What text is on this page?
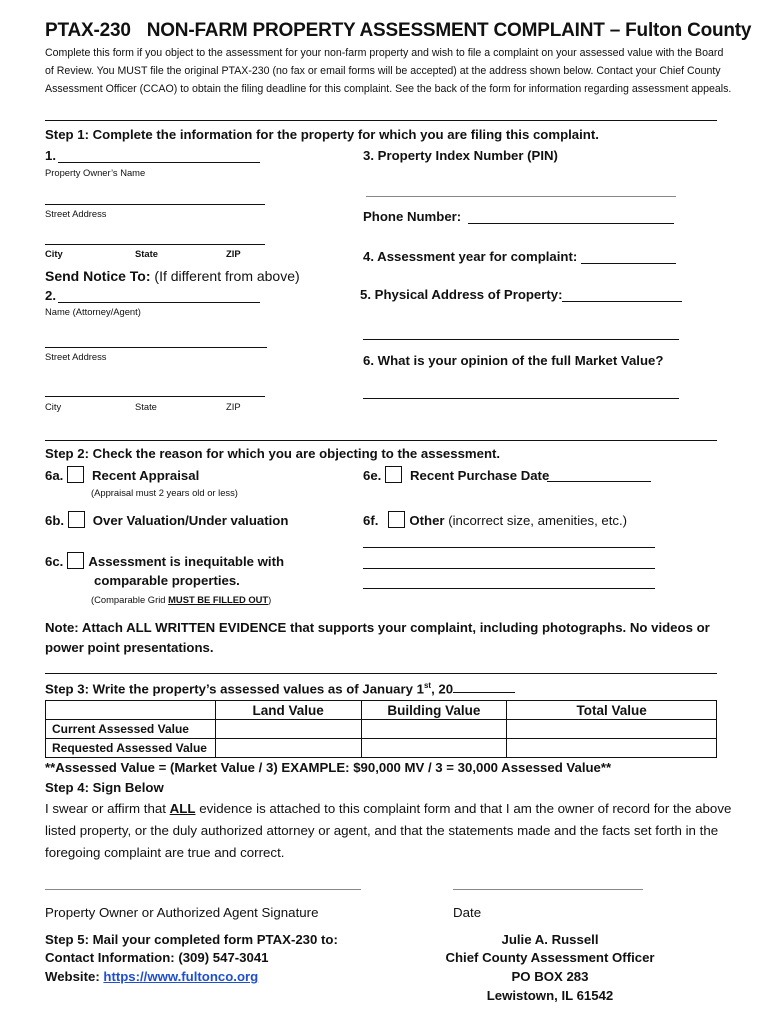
PTAX-230 NON-FARM PROPERTY ASSESSMENT COMPLAINT – Fulton County
Complete this form if you object to the assessment for your non-farm property and wish to file a complaint on your assessed value with the Board of Review. You MUST file the original PTAX-230 (no fax or email forms will be accepted) at the address shown below. Contact your Chief County Assessment Officer (CCAO) to obtain the filing deadline for this complaint. See the back of the form for information regarding assessment appeals.
Step 1: Complete the information for the property for which you are filing this complaint.
1.
Property Owner’s Name
Street Address
City	State	ZIP
Send Notice To: (If different from above)
2.
Name (Attorney/Agent)
Street Address
City	State	ZIP
3. Property Index Number (PIN)
Phone Number:
4. Assessment year for complaint:
5. Physical Address of Property:
6. What is your opinion of the full Market Value?
Step 2: Check the reason for which you are objecting to the assessment.
6a. Recent Appraisal
(Appraisal must 2 years old or less)
6b. Over Valuation/Under valuation
6c. Assessment is inequitable with
comparable properties.
(Comparable Grid MUST BE FILLED OUT)
6e. Recent Purchase Date
6f. Other (incorrect size, amenities, etc.)
Note: Attach ALL WRITTEN EVIDENCE that supports your complaint, including photographs. No videos or power point presentations.
Step 3: Write the property’s assessed values as of January 1st, 20
	Land Value	Building Value	Total Value
Current Assessed Value			
Requested Assessed Value			
**Assessed Value = (Market Value / 3) EXAMPLE: $90,000 MV / 3 = 30,000 Assessed Value**
Step 4: Sign Below
I swear or affirm that ALL evidence is attached to this complaint form and that I am the owner of record for the above listed property, or the duly authorized attorney or agent, and that the statements made and the facts set forth in the foregoing complaint are true and correct.
Property Owner or Authorized Agent Signature	Date
Step 5: Mail your completed form PTAX-230 to:
Contact Information: (309) 547-3041
Website: https://www.fultonco.org
Julie A. Russell
Chief County Assessment Officer
PO BOX 283
Lewistown, IL 61542
